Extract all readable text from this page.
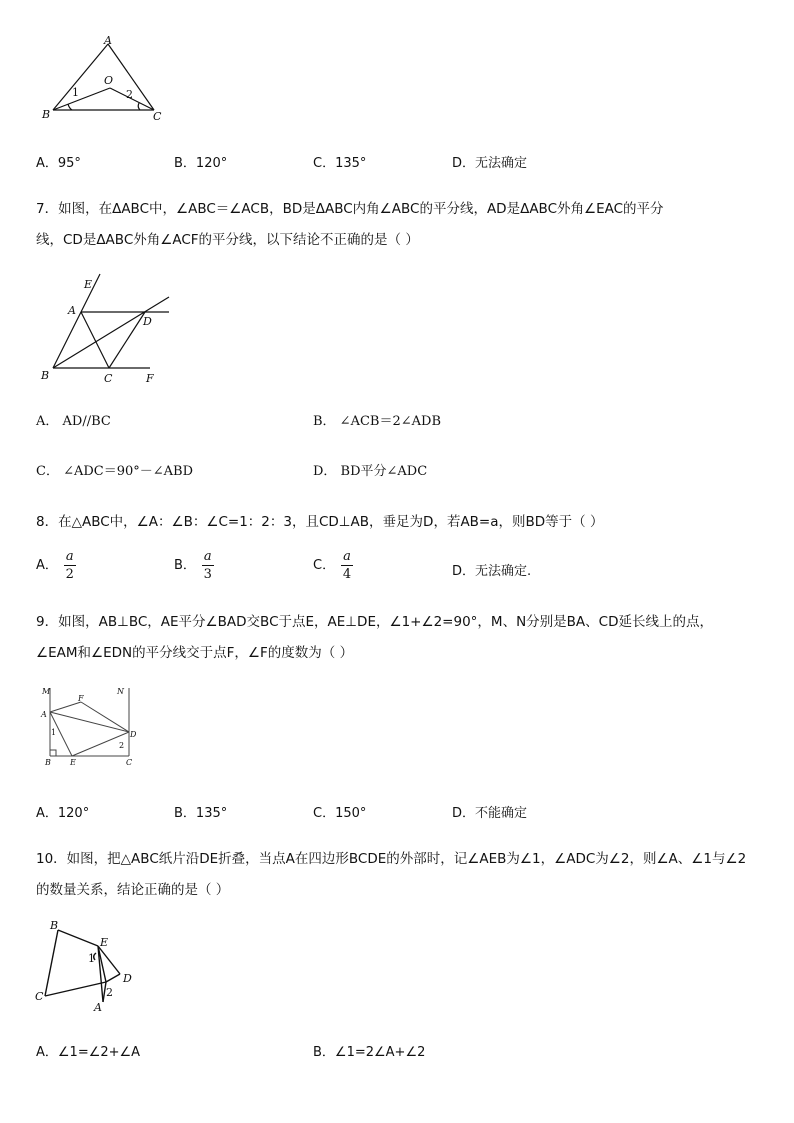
A
O
B	C
1	2
A．95°	B．120°	C．135°	D．无法确定
7．如图，在ΔABC中，∠ABC＝∠ACB，BD是ΔABC内角∠ABC的平分线，AD是ΔABC外角∠EAC的平分
线，CD是ΔABC外角∠ACF的平分线，以下结论不正确的是（ ）
E
A
D
B	C	F
A． AD//BC	B． ∠ACB＝2∠ADB
C． ∠ADC＝90°－∠ABD	D． BD平分∠ADC
8．在△ABC中，∠A：∠B：∠C=1：2：3，且CD⊥AB，垂足为D，若AB=a，则BD等于（ ）
A． $\frac{a}{2}$	B． $\frac{a}{3}$	C． $\frac{a}{4}$	D．无法确定.
9．如图，AB⊥BC，AE平分∠BAD交BC于点E，AE⊥DE，∠1+∠2=90°，M、N分别是BA、CD延长线上的点，
∠EAM和∠EDN的平分线交于点F，∠F的度数为（ ）
M	N
F
A
D
1
2
B E	C
A．120°	B．135°	C．150°	D．不能确定
10．如图，把△ABC纸片沿DE折叠，当点A在四边形BCDE的外部时，记∠AEB为∠1，∠ADC为∠2，则∠A、∠1与∠2
的数量关系，结论正确的是（ ）
B
E
1
D
C	2
A
A．∠1=∠2+∠A	B．∠1=2∠A+∠2
